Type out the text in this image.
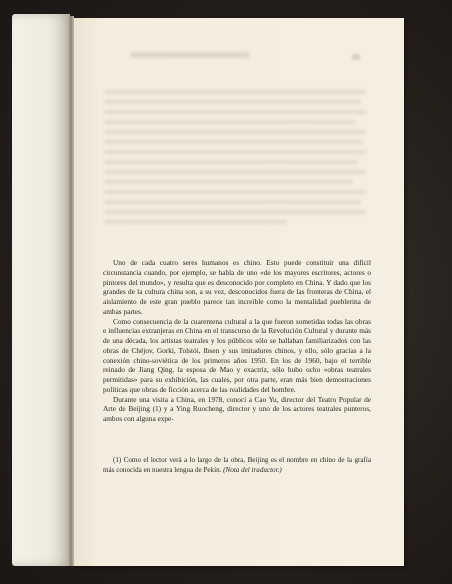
Uno de cada cuatro seres humanos es chino. Esto puede constituir una difícil circunstancia cuando, por ejemplo, se habla de uno «de los mayores escritores, actores o pintores del mundo», y resulta que es desconocido por completo en China. Y dado que los grandes de la cultura china son, a su vez, desconocidos fuera de las fronteras de China, el aislamiento de este gran pueblo parece tan increíble como la mentalidad pueblerina de ambas partes.

Como consecuencia de la cuarentena cultural a la que fueron sometidas todas las obras e influencias extranjeras en China en el transcurso de la Revolución Cultural y durante más de una década, los artistas teatrales y los públicos sólo se hallaban familiarizados con las obras de Chéjov, Gorki, Tolstói, Ibsen y sus imitadores chinos, y ello, sólo gracias a la conexión chino-soviética de los primeros años 1950. En los de 1960, bajo el terrible reinado de Jiang Qing, la esposa de Mao y exactriz, sólo hubo ocho «obras teatrales permitidas» para su exhibición, las cuales, por otra parte, eran más bien demostraciones políticas que obras de ficción acerca de las realidades del hombre.

Durante una visita a China, en 1978, conocí a Cao Yu, director del Teatro Popular de Arte de Beijing (1) y a Ying Ruocheng, director y uno de los actores teatrales punteros, ambos con alguna expe-

(1) Como el lector verá a lo largo de la obra, Beijing es el nombre en chino de la grafía más conocida en nuestra lengua de Pekín. (Nota del traductor.)
